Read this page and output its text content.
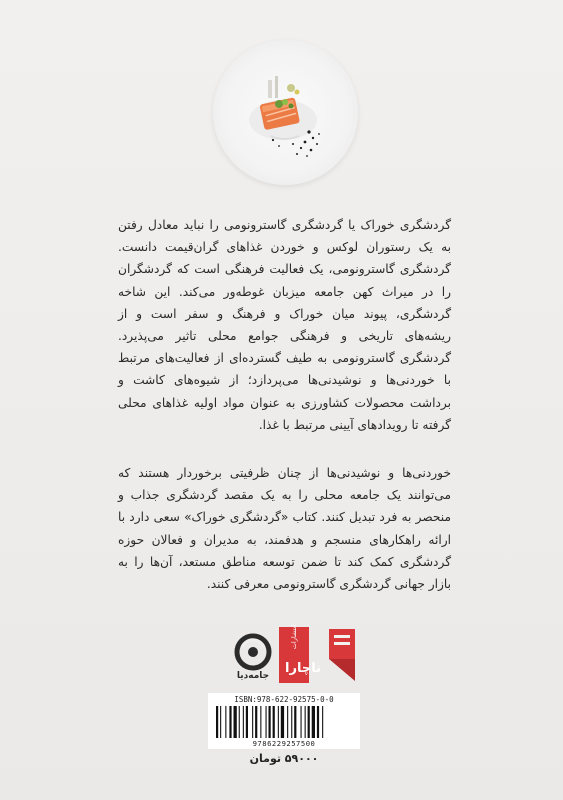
گردشگری خوراک یا گردشگری گاسترونومی را نباید معادل رفتن به یک رستوران لوکس و خوردن غذاهای گران‌قیمت دانست. گردشگری گاسترونومی، یک فعالیت فرهنگی است که گردشگران را در میراث کهن جامعه میزبان غوطه‌ور می‌کند. این شاخه گردشگری، پیوند میان خوراک و فرهنگ و سفر است و از ریشه‌های تاریخی و فرهنگی جوامع محلی تاثیر می‌پذیرد. گردشگری گاسترونومی به طیف گسترده‌ای از فعالیت‌های مرتبط با خوردنی‌ها و نوشیدنی‌ها می‌پردازد؛ از شیوه‌های کاشت و برداشت محصولات کشاورزی به عنوان مواد اولیه غذاهای محلی گرفته تا رویدادهای آیینی مرتبط با غذا.

خوردنی‌ها و نوشیدنی‌ها از چنان ظرفیتی برخوردار هستند که می‌توانند یک جامعه محلی را به یک مقصد گردشگری جذاب و منحصر به فرد تبدیل کنند. کتاب «گردشگری خوراک» سعی دارد با ارائه راهکارهای منسجم و هدفمند، به مدیران و فعالان حوزه گردشگری کمک کند تا ضمن توسعه مناطق مستعد، آن‌ها را به بازار جهانی گردشگری گاسترونومی معرفی کنند.

جامه‌دیا
انتشارات
ناچارا
ISBN:978-622-92575-0-0
9786229257500
۵۹۰۰۰ تومان
